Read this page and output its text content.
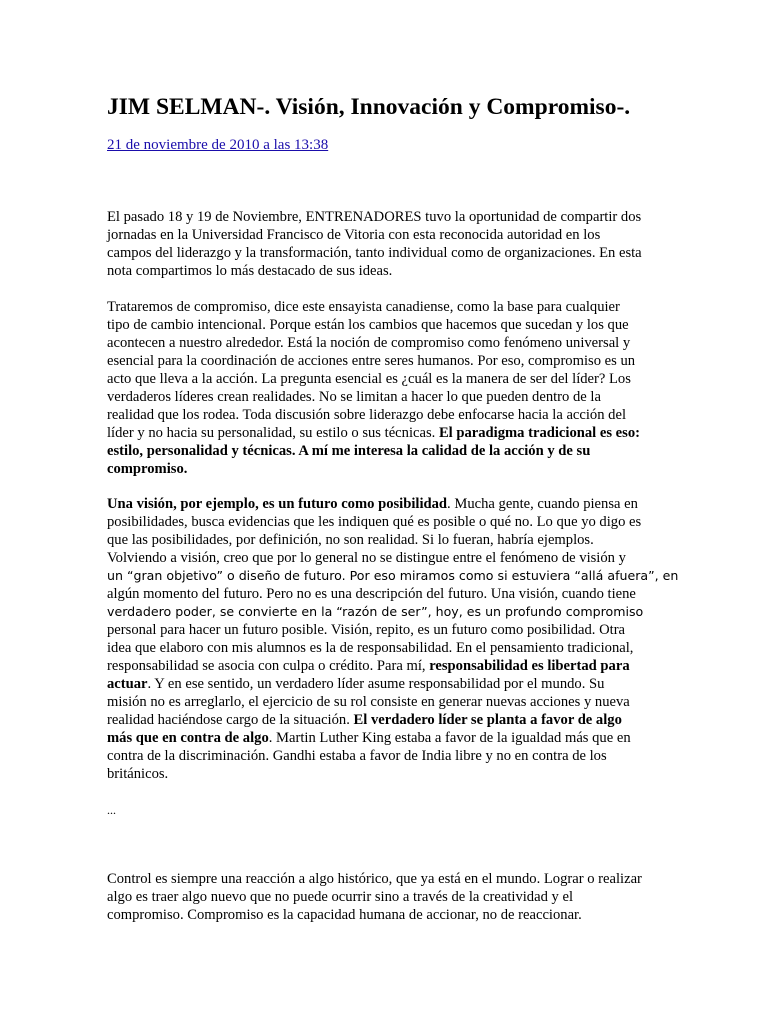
JIM SELMAN-. Visión, Innovación y Compromiso-.
21 de noviembre de 2010 a las 13:38

El pasado 18 y 19 de Noviembre, ENTRENADORES tuvo la oportunidad de compartir dos
jornadas en la Universidad Francisco de Vitoria con esta reconocida autoridad en los
campos del liderazgo y la transformación, tanto individual como de organizaciones. En esta
nota compartimos lo más destacado de sus ideas.

Trataremos de compromiso, dice este ensayista canadiense, como la base para cualquier
tipo de cambio intencional. Porque están los cambios que hacemos que sucedan y los que
acontecen a nuestro alrededor. Está la noción de compromiso como fenómeno universal y
esencial para la coordinación de acciones entre seres humanos. Por eso, compromiso es un
acto que lleva a la acción. La pregunta esencial es ¿cuál es la manera de ser del líder? Los
verdaderos líderes crean realidades. No se limitan a hacer lo que pueden dentro de la
realidad que los rodea. Toda discusión sobre liderazgo debe enfocarse hacia la acción del
líder y no hacia su personalidad, su estilo o sus técnicas. El paradigma tradicional es eso:
estilo, personalidad y técnicas. A mí me interesa la calidad de la acción y de su
compromiso.

Una visión, por ejemplo, es un futuro como posibilidad. Mucha gente, cuando piensa en
posibilidades, busca evidencias que les indiquen qué es posible o qué no. Lo que yo digo es
que las posibilidades, por definición, no son realidad. Si lo fueran, habría ejemplos.
Volviendo a visión, creo que por lo general no se distingue entre el fenómeno de visión y
un “gran objetivo” o diseño de futuro. Por eso miramos como si estuviera “allá afuera”, en
algún momento del futuro. Pero no es una descripción del futuro. Una visión, cuando tiene
verdadero poder, se convierte en la “razón de ser”, hoy, es un profundo compromiso
personal para hacer un futuro posible. Visión, repito, es un futuro como posibilidad. Otra
idea que elaboro con mis alumnos es la de responsabilidad. En el pensamiento tradicional,
responsabilidad se asocia con culpa o crédito. Para mí, responsabilidad es libertad para
actuar. Y en ese sentido, un verdadero líder asume responsabilidad por el mundo. Su
misión no es arreglarlo, el ejercicio de su rol consiste en generar nuevas acciones y nueva
realidad haciéndose cargo de la situación. El verdadero líder se planta a favor de algo
más que en contra de algo. Martin Luther King estaba a favor de la igualdad más que en
contra de la discriminación. Gandhi estaba a favor de India libre y no en contra de los
británicos.

...

Control es siempre una reacción a algo histórico, que ya está en el mundo. Lograr o realizar
algo es traer algo nuevo que no puede ocurrir sino a través de la creatividad y el
compromiso. Compromiso es la capacidad humana de accionar, no de reaccionar.
